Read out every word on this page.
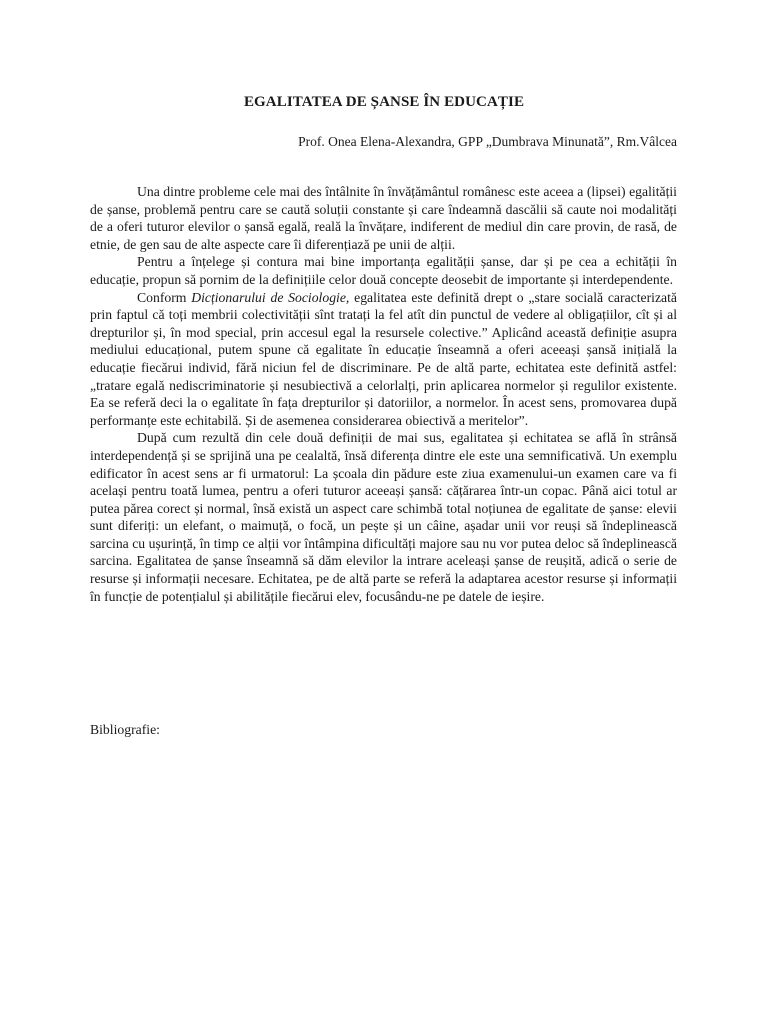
EGALITATEA DE ȘANSE ÎN EDUCAȚIE
Prof. Onea Elena-Alexandra, GPP „Dumbrava Minunată”, Rm.Vâlcea

Una dintre probleme cele mai des întâlnite în învățământul românesc este aceea a (lipsei) egalității de șanse, problemă pentru care se caută soluții constante și care îndeamnă dascălii să caute noi modalități de a oferi tuturor elevilor o șansă egală, reală la învățare, indiferent de mediul din care provin, de rasă, de etnie, de gen sau de alte aspecte care îi diferențiază pe unii de alții.

Pentru a înțelege și contura mai bine importanța egalității șanse, dar și pe cea a echității în educație, propun să pornim de la definițiile celor două concepte deosebit de importante și interdependente.

Conform Dicționarului de Sociologie, egalitatea este definită drept o „stare socială caracterizată prin faptul că toți membrii colectivității sînt tratați la fel atît din punctul de vedere al obligațiilor, cît și al drepturilor și, în mod special, prin accesul egal la resursele colective.” Aplicând această definiție asupra mediului educațional, putem spune că egalitate în educație înseamnă a oferi aceeași șansă inițială la educație fiecărui individ, fără niciun fel de discriminare. Pe de altă parte, echitatea este definită astfel: „tratare egală nediscriminatorie și nesubiectivă a celorlalți, prin aplicarea normelor și regulilor existente. Ea se referă deci la o egalitate în fața drepturilor și datoriilor, a normelor. În acest sens, promovarea după performanțe este echitabilă. Și de asemenea considerarea obiectivă a meritelor”.

După cum rezultă din cele două definiții de mai sus, egalitatea și echitatea se află în strânsă interdependență și se sprijină una pe cealaltă, însă diferența dintre ele este una semnificativă. Un exemplu edificator în acest sens ar fi urmatorul: La școala din pădure este ziua examenului-un examen care va fi același pentru toată lumea, pentru a oferi tuturor aceeași șansă: cățărarea într-un copac. Până aici totul ar putea părea corect și normal, însă există un aspect care schimbă total noțiunea de egalitate de șanse: elevii sunt diferiți: un elefant, o maimuță, o focă, un pește și un câine, așadar unii vor reuși să îndeplinească sarcina cu ușurință, în timp ce alții vor întâmpina dificultăți majore sau nu vor putea deloc să îndeplinească sarcina. Egalitatea de șanse înseamnă să dăm elevilor la intrare aceleași șanse de reușită, adică o serie de resurse și informații necesare. Echitatea, pe de altă parte se referă la adaptarea acestor resurse și informații în funcție de potențialul și abilitățile fiecărui elev, focusându-ne pe datele de ieșire.

Bibliografie:
